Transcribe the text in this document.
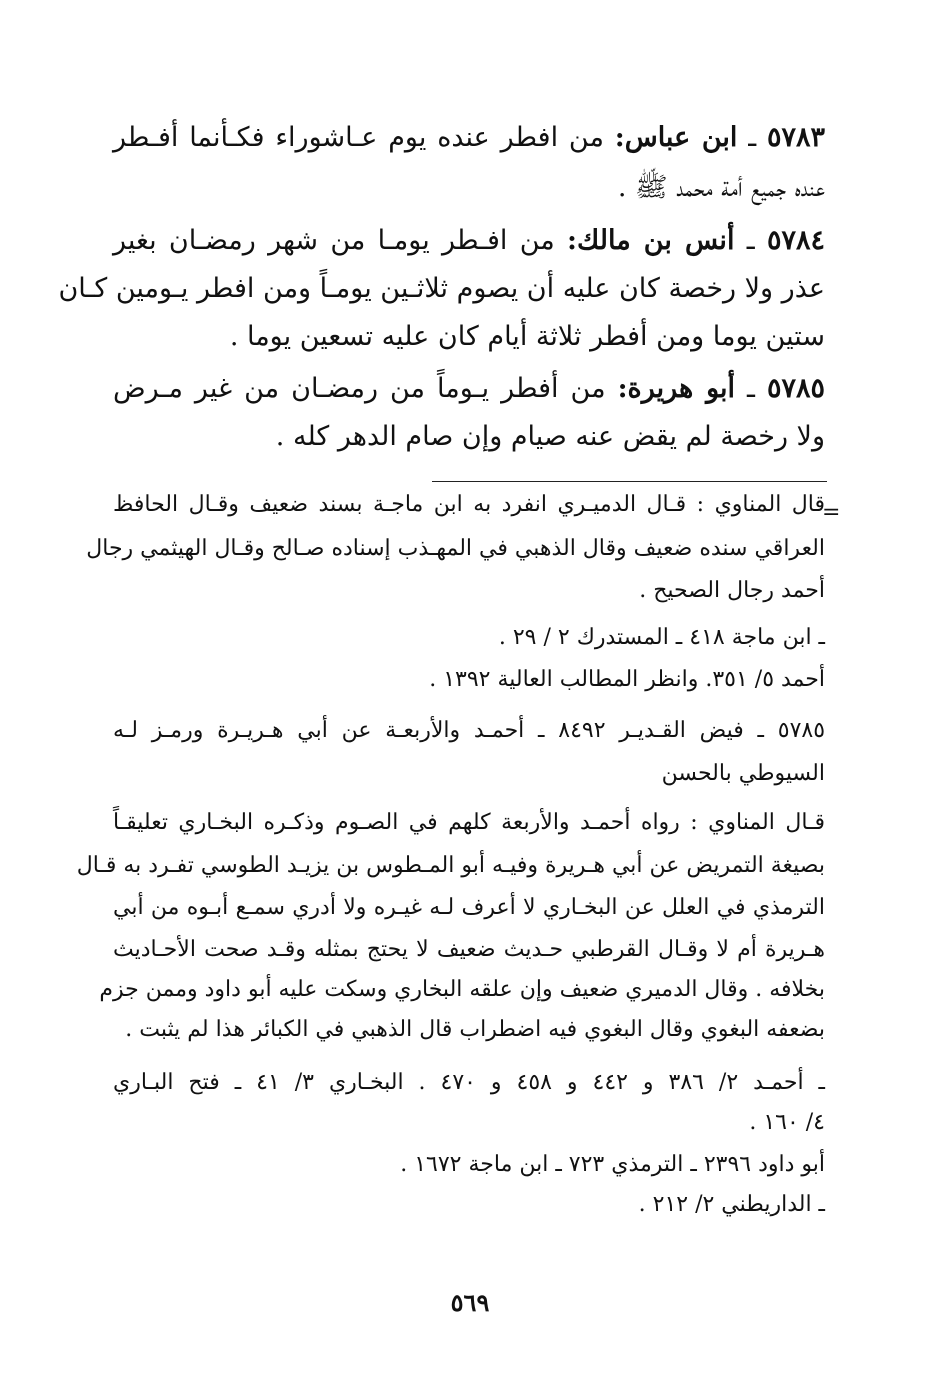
٥٧٨٣ ـ ابن عباس: من افطر عنده يوم عـاشوراء فكـأنما أفـطر

عنده جميع أمة محمد ﷺ .

٥٧٨٤ ـ أنس بن مالك: من افـطر يومـا من شهر رمضـان بغير

عذر ولا رخصة كان عليه أن يصوم ثلاثـين يومـاً ومن افطر يـومين كـان

ستين يوما ومن أفطر ثلاثة أيام كان عليه تسعين يوما .

٥٧٨٥ ـ أبو هريرة: من أفطر يـوماً من رمضـان من غير مـرض

ولا رخصة لم يقض عنه صيام وإن صام الدهر كله .

=

قال المناوي : قـال الدميـري انفرد به ابن ماجـة بسند ضعيف وقـال الحافظ

العراقي سنده ضعيف وقال الذهبي في المهـذب إسناده صـالح وقـال الهيثمي رجال

أحمد رجال الصحيح .

ـ ابن ماجة ٤١٨ ـ المستدرك ٢ / ٢٩ .

أحمد ٥/ ٣٥١. وانظر المطالب العالية ١٣٩٢ .

٥٧٨٥ ـ فيض القـديـر ٨٤٩٢ ـ أحمـد والأربعـة عن أبي هـريـرة ورمـز لـه

السيوطي بالحسن

قـال المناوي : رواه أحمـد والأربعة كلهم في الصـوم وذكـره البخـاري تعليقـاً

بصيغة التمريض عن أبي هـريرة وفيـه أبو المـطوس بن يزيـد الطوسي تفـرد به قـال

الترمذي في العلل عن البخـاري لا أعرف لـه غيـره ولا أدري سمـع أبـوه من أبي

هـريرة أم لا وقـال القرطبي حـديث ضعيف لا يحتج بمثله وقـد صحت الأحـاديث

بخلافه . وقال الدميري ضعيف وإن علقه البخاري وسكت عليه أبو داود وممن جزم

بضعفه البغوي وقال البغوي فيه اضطراب قال الذهبي في الكبائر هذا لم يثبت .

ـ أحمـد ٢/ ٣٨٦ و ٤٤٢ و ٤٥٨ و ٤٧٠ . البخـاري ٣/ ٤١ ـ فتح البـاري

٤/ ١٦٠ .

أبو داود ٢٣٩٦ ـ الترمذي ٧٢٣ ـ ابن ماجة ١٦٧٢ .

ـ الداريطني ٢/ ٢١٢ .

٥٦٩
